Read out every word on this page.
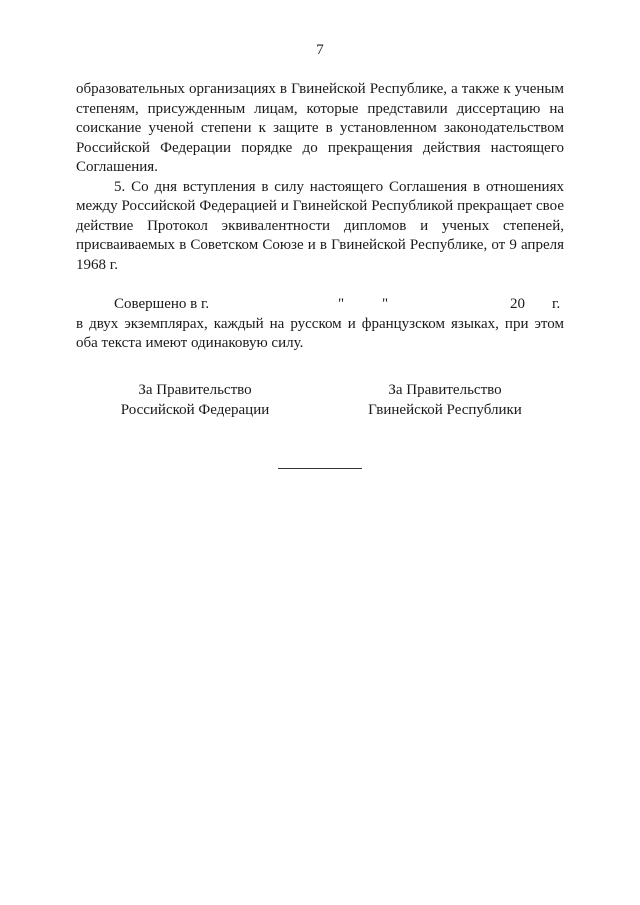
7

образовательных организациях в Гвинейской Республике, а также к ученым степеням, присужденным лицам, которые представили диссертацию на соискание ученой степени к защите в установленном законодательством Российской Федерации порядке до прекращения действия настоящего Соглашения.

5. Со дня вступления в силу настоящего Соглашения в отношениях между Российской Федерацией и Гвинейской Республикой прекращает свое действие Протокол эквивалентности дипломов и ученых степеней, присваиваемых в Советском Союзе и в Гвинейской Республике, от 9 апреля 1968 г.

Совершено в г.	"	"	20 г.

в двух экземплярах, каждый на русском и французском языках, при этом оба текста имеют одинаковую силу.

За Правительство
Российской Федерации
За Правительство
Гвинейской Республики
